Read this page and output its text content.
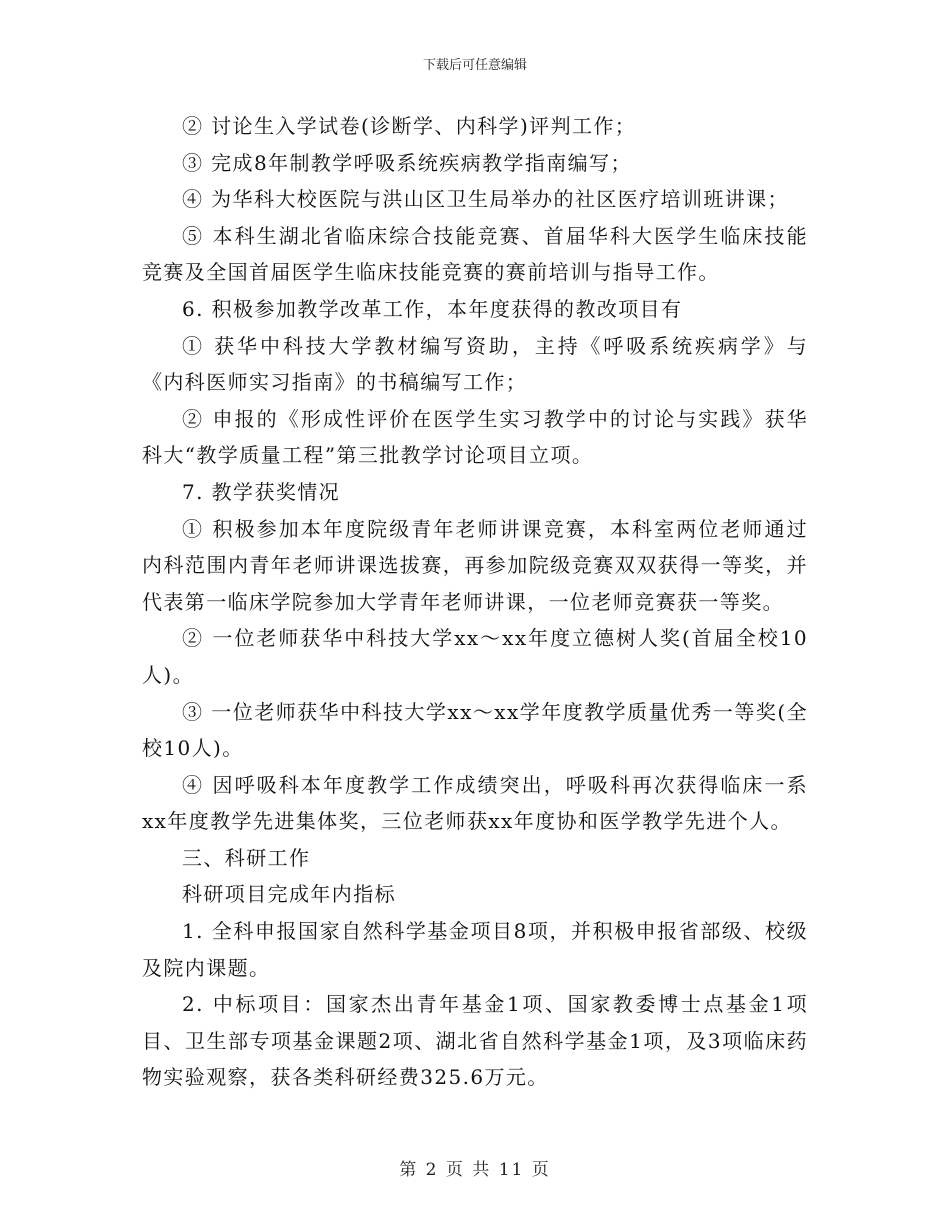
下载后可任意编辑

② 讨论生入学试卷(诊断学、内科学)评判工作；

③ 完成8年制教学呼吸系统疾病教学指南编写；

④ 为华科大校医院与洪山区卫生局举办的社区医疗培训班讲课；

⑤ 本科生湖北省临床综合技能竞赛、首届华科大医学生临床技能竞赛及全国首届医学生临床技能竞赛的赛前培训与指导工作。

6. 积极参加教学改革工作，本年度获得的教改项目有

① 获华中科技大学教材编写资助，主持《呼吸系统疾病学》与《内科医师实习指南》的书稿编写工作；

② 申报的《形成性评价在医学生实习教学中的讨论与实践》获华科大“教学质量工程”第三批教学讨论项目立项。

7. 教学获奖情况

① 积极参加本年度院级青年老师讲课竞赛，本科室两位老师通过内科范围内青年老师讲课选拔赛，再参加院级竞赛双双获得一等奖，并代表第一临床学院参加大学青年老师讲课，一位老师竞赛获一等奖。

② 一位老师获华中科技大学xx～xx年度立德树人奖(首届全校10人)。

③ 一位老师获华中科技大学xx～xx学年度教学质量优秀一等奖(全校10人)。

④ 因呼吸科本年度教学工作成绩突出，呼吸科再次获得临床一系xx年度教学先进集体奖，三位老师获xx年度协和医学教学先进个人。

三、科研工作

科研项目完成年内指标

1. 全科申报国家自然科学基金项目8项，并积极申报省部级、校级及院内课题。

2. 中标项目：国家杰出青年基金1项、国家教委博士点基金1项目、卫生部专项基金课题2项、湖北省自然科学基金1项，及3项临床药物实验观察，获各类科研经费325.6万元。

第 2 页 共 11 页
